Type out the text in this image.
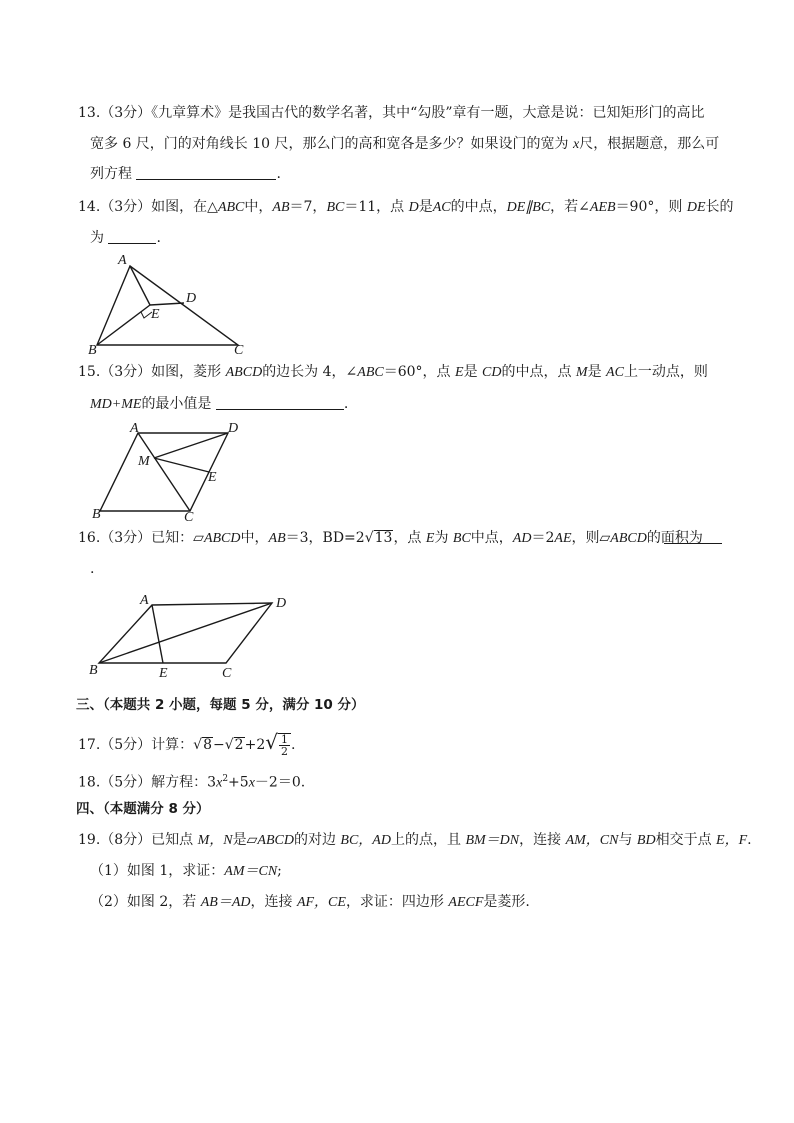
13.（3分）《九章算术》是我国古代的数学名著，其中“勾股”章有一题，大意是说：已知矩形门的高比
宽多 6 尺，门的对角线长 10 尺，那么门的高和宽各是多少？如果设门的宽为 x尺，根据题意，那么可
列方程	.
14.（3分）如图，在△ABC中，AB＝7，BC＝11，点 D是AC的中点，DE∥BC，若∠AEB＝90°，则 DE长的
为	.
A
B	C
D
E
15.（3分）如图，菱形 ABCD的边长为 4，∠ABC＝60°，点 E是 CD的中点，点 M是 AC上一动点，则
MD+ME的最小值是	.
A
B	C
D
E
M
16.（3分）已知：▱ABCD中，AB＝3，BD=2√13，点 E为 BC中点，AD＝2AE，则▱ABCD的面积为
.
A
B	C
D
E
三、（本题共 2 小题，每题 5 分，满分 10 分）
17.（5分）计算：$√8-√2+2√ \frac{1}{2}$ .
18.（5分）解方程：$3x^2+5x-2=0$.
四、（本题满分 8 分）
19.（8分）已知点 M，N是▱ABCD的对边 BC，AD上的点，且 BM＝DN，连接 AM，CN与 BD相交于点 E，F.
（1）如图 1，求证：AM＝CN;
（2）如图 2，若 AB＝AD，连接 AF，CE，求证：四边形 AECF是菱形.
